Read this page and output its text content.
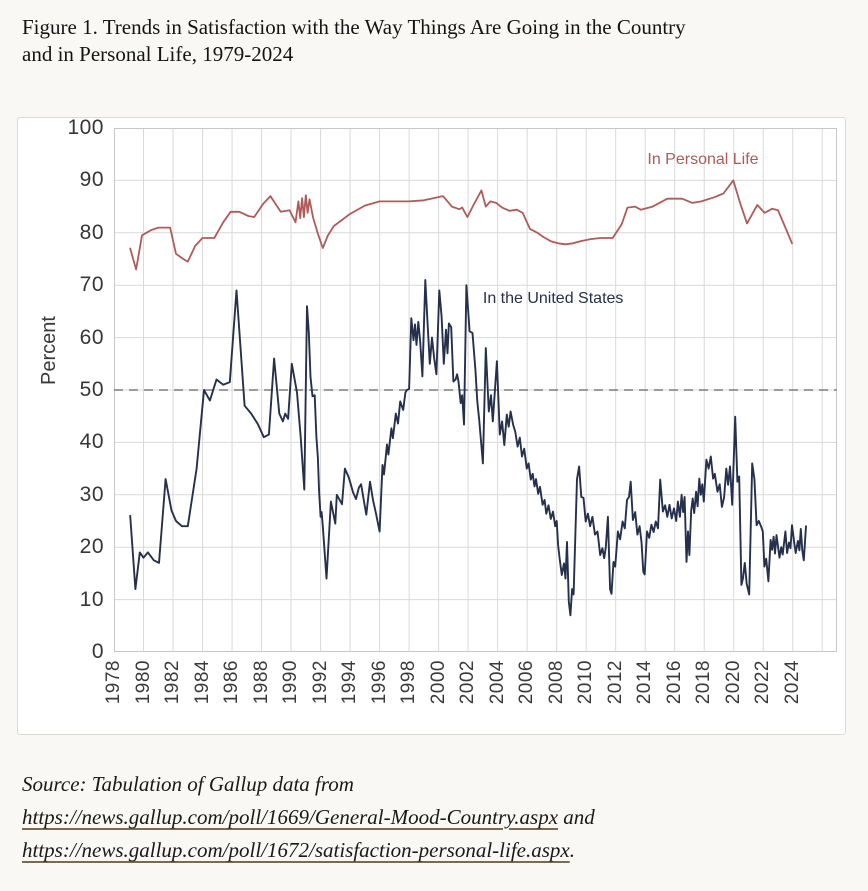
Figure 1. Trends in Satisfaction with the Way Things Are Going in the Country
and in Personal Life, 1979-2024
Percent
0
10
20
30
40
50
60
70
80
90
100
1978 1980 1982 1984 1986 1988 1990 1992 1994 1996 1998 2000 2002 2004 2006 2008 2010 2012 2014 2016 2018 2020 2022 2024
In Personal Life
In the United States

Source: Tabulation of Gallup data from

https://news.gallup.com/poll/1669/General-Mood-Country.aspx and

https://news.gallup.com/poll/1672/satisfaction-personal-life.aspx.
